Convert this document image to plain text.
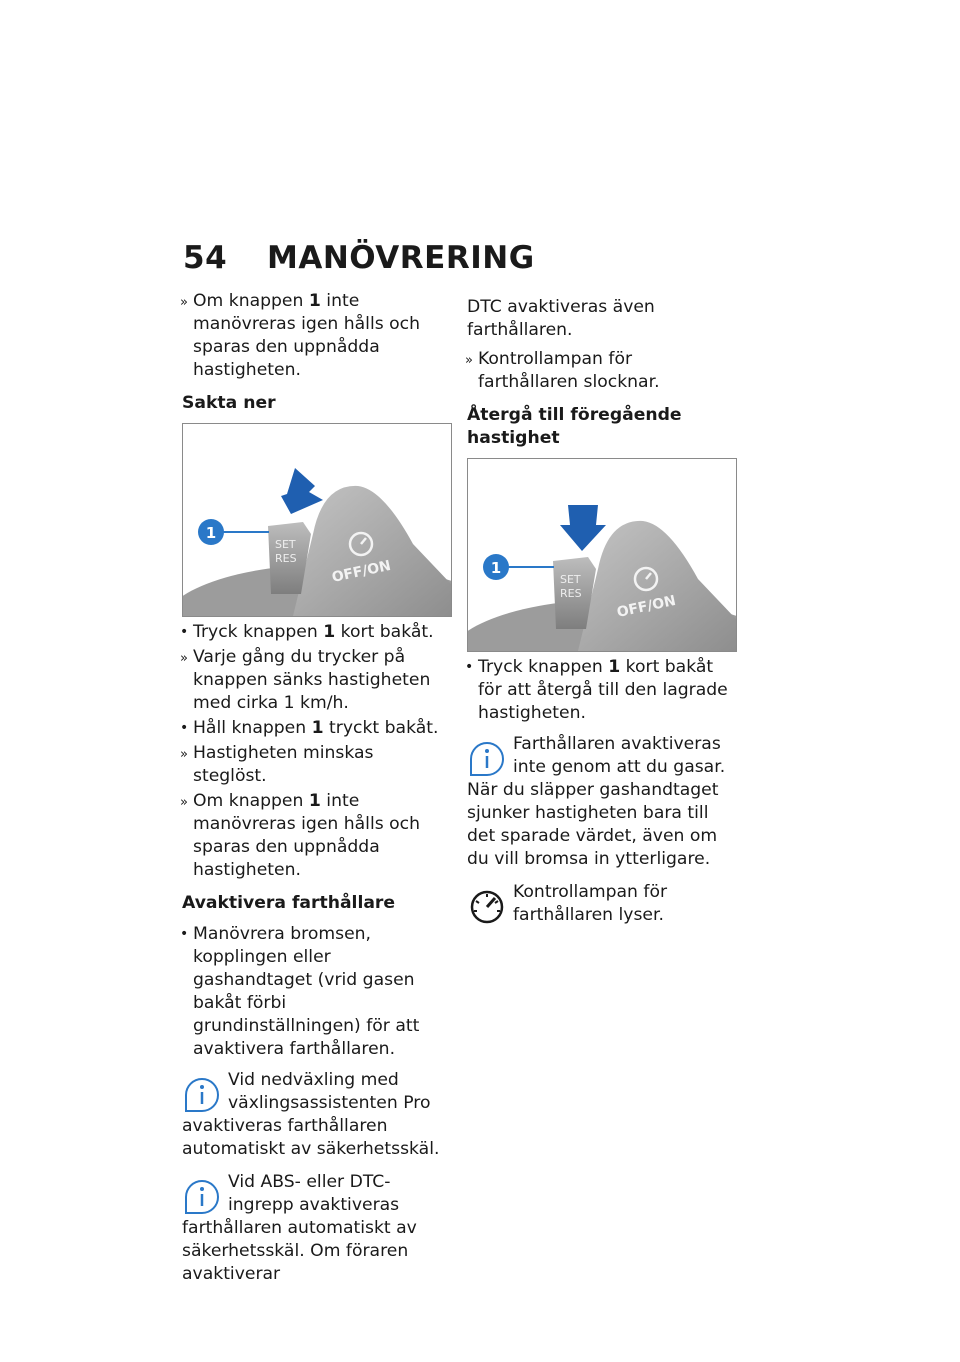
54 MANÖVRERING
» Om knappen 1 inte manövreras igen hålls och sparas den uppnådda hastigheten.
Sakta ner
SET
RES OFF/ON
1
• Tryck knappen 1 kort bakåt.
» Varje gång du trycker på knappen sänks hastigheten med cirka 1 km/h.
• Håll knappen 1 tryckt bakåt.
» Hastigheten minskas steglöst.
» Om knappen 1 inte manövreras igen hålls och sparas den uppnådda hastigheten.
Avaktivera farthållare
• Manövrera bromsen, kopplingen eller gashandtaget (vrid gasen bakåt förbi grundinställningen) för att avaktivera farthållaren.
Vid nedväxling med växlingsassistenten Pro avaktiveras farthållaren automatiskt av säkerhetsskäl.
Vid ABS- eller DTC-ingrepp avaktiveras farthållaren automatiskt av säkerhetsskäl. Om föraren avaktiverar
DTC avaktiveras även farthållaren.
» Kontrollampan för farthållaren slocknar.
Återgå till föregående hastighet
SET
RES OFF/ON
1
• Tryck knappen 1 kort bakåt för att återgå till den lagrade hastigheten.
Farthållaren avaktiveras inte genom att du gasar. När du släpper gashandtaget sjunker hastigheten bara till det sparade värdet, även om du vill bromsa in ytterligare.
Kontrollampan för farthållaren lyser.
